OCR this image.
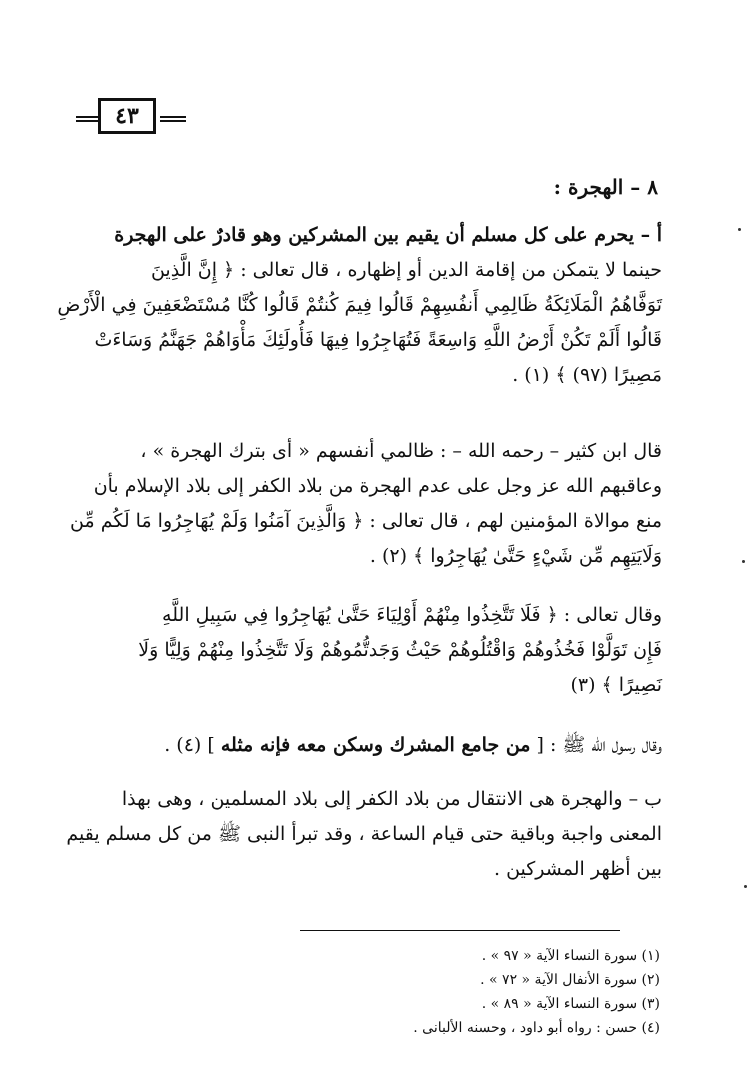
٤٣
٨ – الهجرة :
أ – يحرم على كل مسلم أن يقيم بين المشركين وهو قادرٌ على الهجرة
حينما لا يتمكن من إقامة الدين أو إظهاره ، قال تعالى : ﴿ إِنَّ الَّذِينَ
تَوَفَّاهُمُ الْمَلَائِكَةُ ظَالِمِي أَنفُسِهِمْ قَالُوا فِيمَ كُنتُمْ قَالُوا كُنَّا مُسْتَضْعَفِينَ فِي الْأَرْضِ
قَالُوا أَلَمْ تَكُنْ أَرْضُ اللَّهِ وَاسِعَةً فَتُهَاجِرُوا فِيهَا فَأُولَئِكَ مَأْوَاهُمْ جَهَنَّمُ وَسَاءَتْ
مَصِيرًا (٩٧) ﴾ (١) .
قال ابن كثير – رحمه الله – : ظالمي أنفسهم « أى بترك الهجرة » ،
وعاقبهم الله عز وجل على عدم الهجرة من بلاد الكفر إلى بلاد الإسلام بأن
منع موالاة المؤمنين لهم ، قال تعالى : ﴿ وَالَّذِينَ آمَنُوا وَلَمْ يُهَاجِرُوا مَا لَكُم مِّن
وَلَايَتِهِم مِّن شَيْءٍ حَتَّىٰ يُهَاجِرُوا ﴾ (٢) .
وقال تعالى : ﴿ فَلَا تَتَّخِذُوا مِنْهُمْ أَوْلِيَاءَ حَتَّىٰ يُهَاجِرُوا فِي سَبِيلِ اللَّهِ
فَإِن تَوَلَّوْا فَخُذُوهُمْ وَاقْتُلُوهُمْ حَيْثُ وَجَدتُّمُوهُمْ وَلَا تَتَّخِذُوا مِنْهُمْ وَلِيًّا وَلَا
نَصِيرًا ﴾ (٣)
وقال رسول الله ﷺ : [ من جامع المشرك وسكن معه فإنه مثله ] (٤) .
ب – والهجرة هى الانتقال من بلاد الكفر إلى بلاد المسلمين ، وهى بهذا
المعنى واجبة وباقية حتى قيام الساعة ، وقد تبرأ النبى ﷺ من كل مسلم يقيم
بين أظهر المشركين .
(١) سورة النساء الآية « ٩٧ » .
(٢) سورة الأنفال الآية « ٧٢ » .
(٣) سورة النساء الآية « ٨٩ » .
(٤) حسن : رواه أبو داود ، وحسنه الألبانى .
